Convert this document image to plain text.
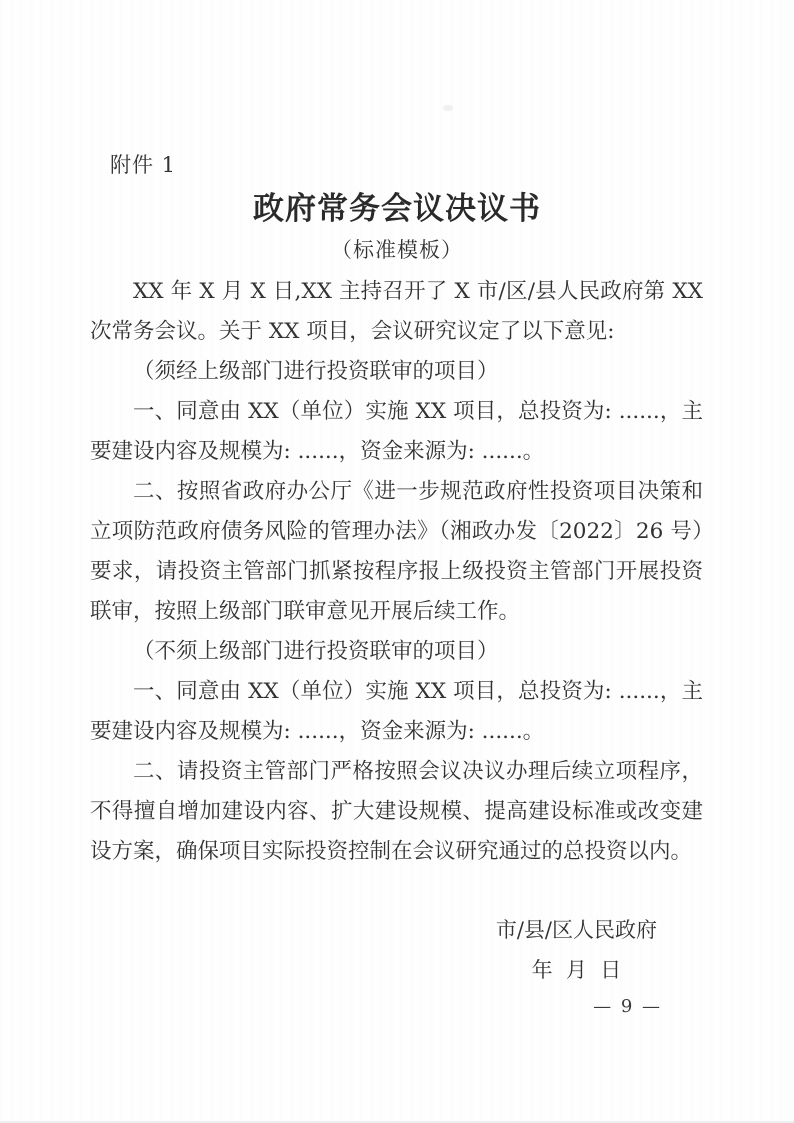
附件 1
政府常务会议决议书
（标准模板）

XX 年 X 月 X 日,XX 主持召开了 X 市/区/县人民政府第 XX 次常务会议。关于 XX 项目，会议研究议定了以下意见:

（须经上级部门进行投资联审的项目）

一、同意由 XX（单位）实施 XX 项目，总投资为: ......，主要建设内容及规模为: ......，资金来源为: ......。

二、按照省政府办公厅《进一步规范政府性投资项目决策和立项防范政府债务风险的管理办法》（湘政办发〔2022〕26 号）要求，请投资主管部门抓紧按程序报上级投资主管部门开展投资联审，按照上级部门联审意见开展后续工作。

（不须上级部门进行投资联审的项目）

一、同意由 XX（单位）实施 XX 项目，总投资为: ......，主要建设内容及规模为: ......，资金来源为: ......。

二、请投资主管部门严格按照会议决议办理后续立项程序，不得擅自增加建设内容、扩大建设规模、提高建设标准或改变建设方案，确保项目实际投资控制在会议研究通过的总投资以内。

市/县/区人民政府
年  月  日
— 9 —
